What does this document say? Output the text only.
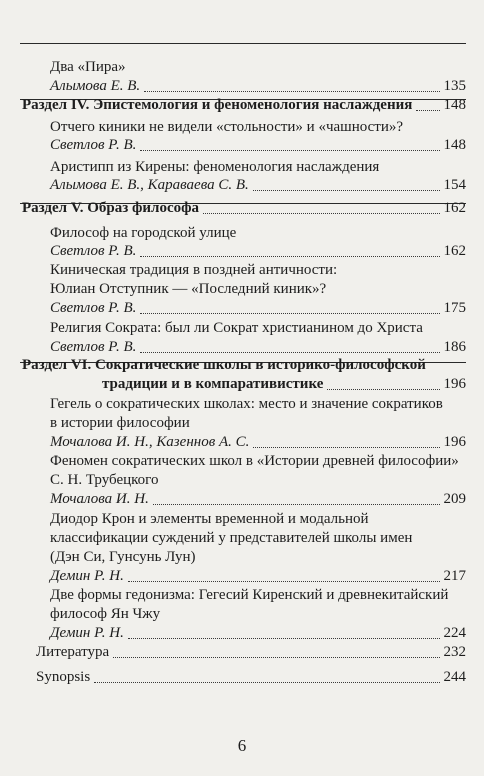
Два «Пира»
Алымова Е. В.	135
Раздел IV. Эпистемология и феноменология наслаждения 148
Отчего киники не видели «стольности» и «чашности»?
Светлов Р. В.	148
Аристипп из Кирены: феноменология наслаждения
Алымова Е. В., Караваева С. В.	154
Раздел V. Образ философа	162
Философ на городской улице
Светлов Р. В.	162
Киническая традиция в поздней античности:
Юлиан Отступник — «Последний киник»?
Светлов Р. В.	175
Религия Сократа: был ли Сократ христианином до Христа
Светлов Р. В.	186
Раздел VI. Сократические школы в историко-философской
традиции и в компаративистике	196
Гегель о сократических школах: место и значение сократиков
в истории философии
Мочалова И. Н., Казеннов А. С.	196
Феномен сократических школ в «Истории древней философии»
С. Н. Трубецкого
Мочалова И. Н.	209
Диодор Крон и элементы временной и модальной
классификации суждений у представителей школы имен
(Дэн Си, Гунсунь Лун)
Демин Р. Н.	217
Две формы гедонизма: Гегесий Киренский и древнекитайский
философ Ян Чжу
Демин Р. Н.	224
Литература	232
Synopsis	244
6
